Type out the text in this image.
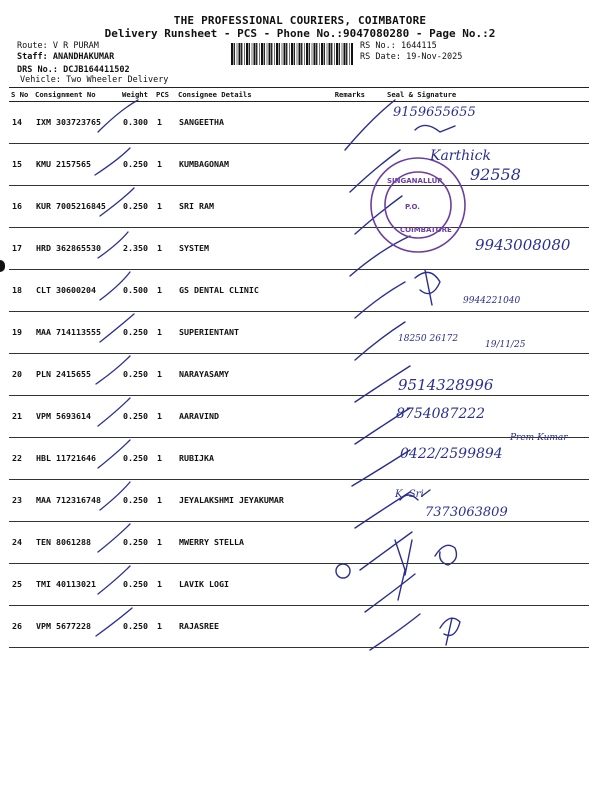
THE PROFESSIONAL COURIERS, COIMBATORE
Delivery Runsheet - PCS - Phone No.:9047080280 - Page No.:2
Route: V R PURAM
Staff: ANANDHAKUMAR
DRS No.: DCJB164411502
Vehicle: Two Wheeler Delivery
RS No.: 1644115
RS Date: 19-Nov-2025
S No	Consignment No	Weight	PCS	Consignee Details	Remarks	Seal & Signature
14	IXM 303723765	0.300	1	SANGEETHA		
15	KMU 2157565	0.250	1	KUMBAGONAM		
16	KUR 7005216845	0.250	1	SRI RAM		
17	HRD 362865530	2.350	1	SYSTEM		
18	CLT 30600204	0.500	1	GS DENTAL CLINIC		
19	MAA 714113555	0.250	1	SUPERIENTANT		
20	PLN 2415655	0.250	1	NARAYASAMY		
21	VPM 5693614	0.250	1	AARAVIND		
22	HBL 11721646	0.250	1	RUBIJKA		
23	MAA 712316748	0.250	1	JEYALAKSHMI JEYAKUMAR		
24	TEN 8061288	0.250	1	MWERRY STELLA		
25	TMI 40113021	0.250	1	LAVIK LOGI		
26	VPM 5677228	0.250	1	RAJASREE		
SINGANALLUR
COIMBATORE
P.O.
9159655655
Karthick
92558
9943008080
9944221040
18250 26172
19/11/25
9514328996
8754087222
Prem Kumar
0422/2599894
K. Sri
7373063809
